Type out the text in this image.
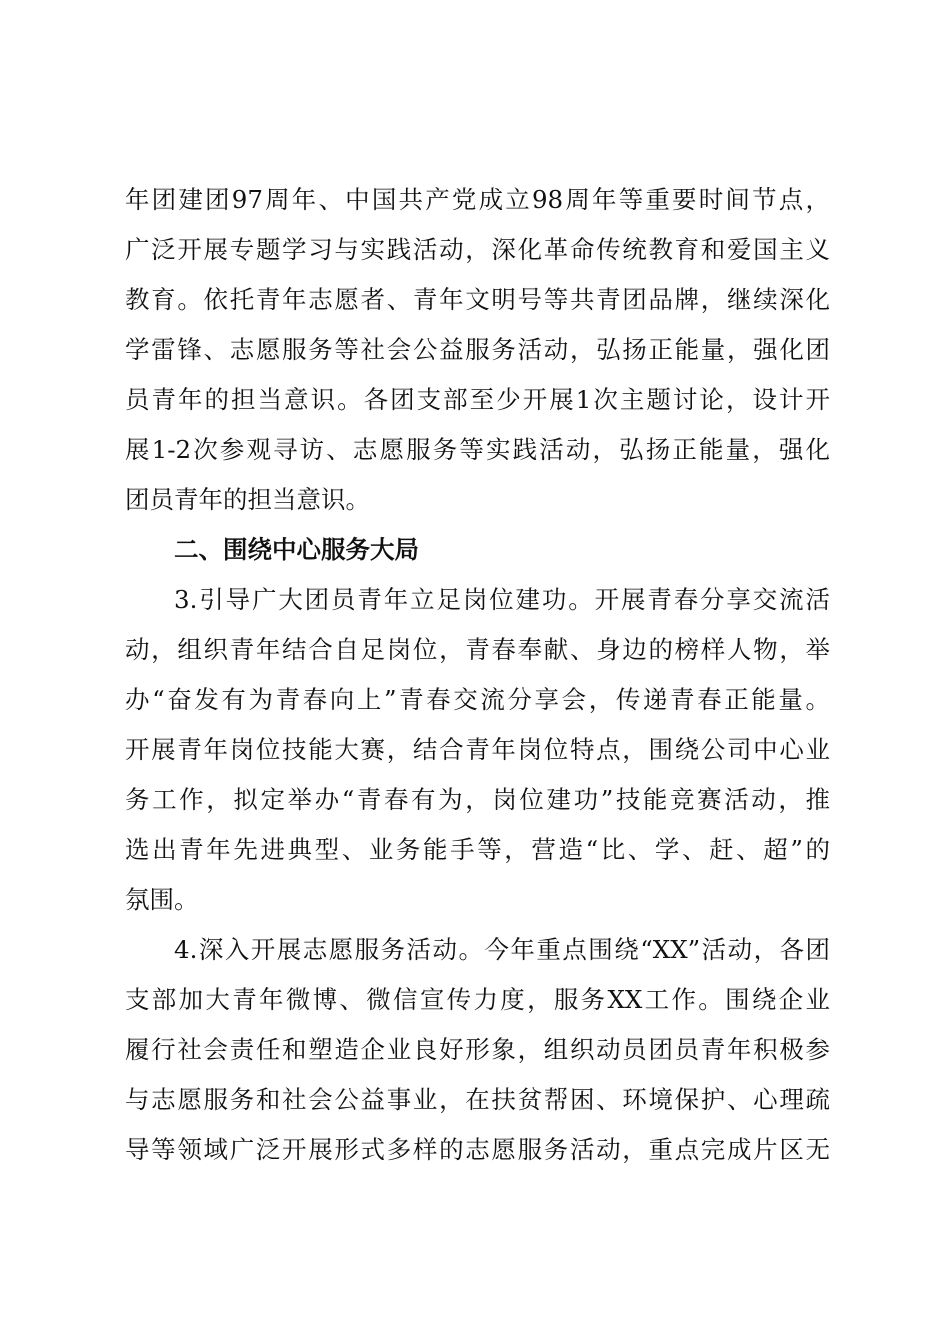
年团建团97周年、中国共产党成立98周年等重要时间节点，
广泛开展专题学习与实践活动，深化革命传统教育和爱国主义
教育。依托青年志愿者、青年文明号等共青团品牌，继续深化
学雷锋、志愿服务等社会公益服务活动，弘扬正能量，强化团
员青年的担当意识。各团支部至少开展1次主题讨论，设计开
展1-2次参观寻访、志愿服务等实践活动，弘扬正能量，强化
团员青年的担当意识。
二、围绕中心服务大局
3.引导广大团员青年立足岗位建功。开展青春分享交流活
动，组织青年结合自足岗位，青春奉献、身边的榜样人物，举
办“奋发有为青春向上”青春交流分享会，传递青春正能量。
开展青年岗位技能大赛，结合青年岗位特点，围绕公司中心业
务工作，拟定举办“青春有为，岗位建功”技能竞赛活动，推
选出青年先进典型、业务能手等，营造“比、学、赶、超”的
氛围。
4.深入开展志愿服务活动。今年重点围绕“XX”活动，各团
支部加大青年微博、微信宣传力度，服务XX工作。围绕企业
履行社会责任和塑造企业良好形象，组织动员团员青年积极参
与志愿服务和社会公益事业，在扶贫帮困、环境保护、心理疏
导等领域广泛开展形式多样的志愿服务活动，重点完成片区无
